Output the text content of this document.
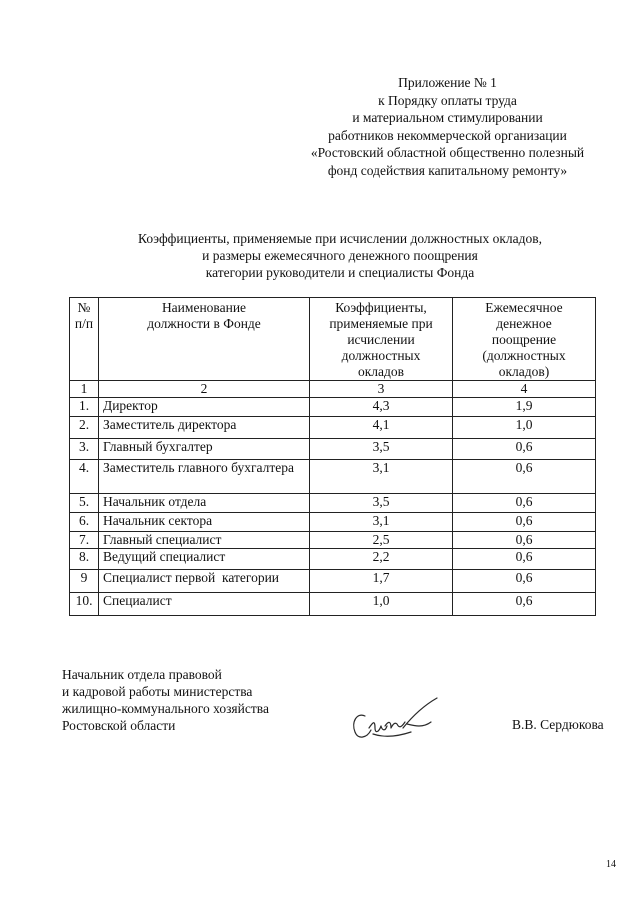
Приложение № 1
к Порядку оплаты труда
и материальном стимулировании
работников некоммерческой организации
«Ростовский областной общественно полезный
фонд содействия капитальному ремонту»
Коэффициенты, применяемые при исчислении должностных окладов,
и размеры ежемесячного денежного поощрения
категории руководители и специалисты Фонда
№ п/п	Наименование должности в Фонде	Коэффициенты, применяемые при исчислении должностных окладов	Ежемесячное денежное поощрение (должностных окладов)
1	2	3	4
1.	Директор	4,3	1,9
2.	Заместитель директора	4,1	1,0
3.	Главный бухгалтер	3,5	0,6
4.	Заместитель главного бухгалтера	3,1	0,6
5.	Начальник отдела	3,5	0,6
6.	Начальник сектора	3,1	0,6
7.	Главный специалист	2,5	0,6
8.	Ведущий специалист	2,2	0,6
9	Специалист первой  категории	1,7	0,6
10.	Специалист	1,0	0,6
Начальник отдела правовой
и кадровой работы министерства
жилищно-коммунального хозяйства
Ростовской области	В.В. Сердюкова
14
